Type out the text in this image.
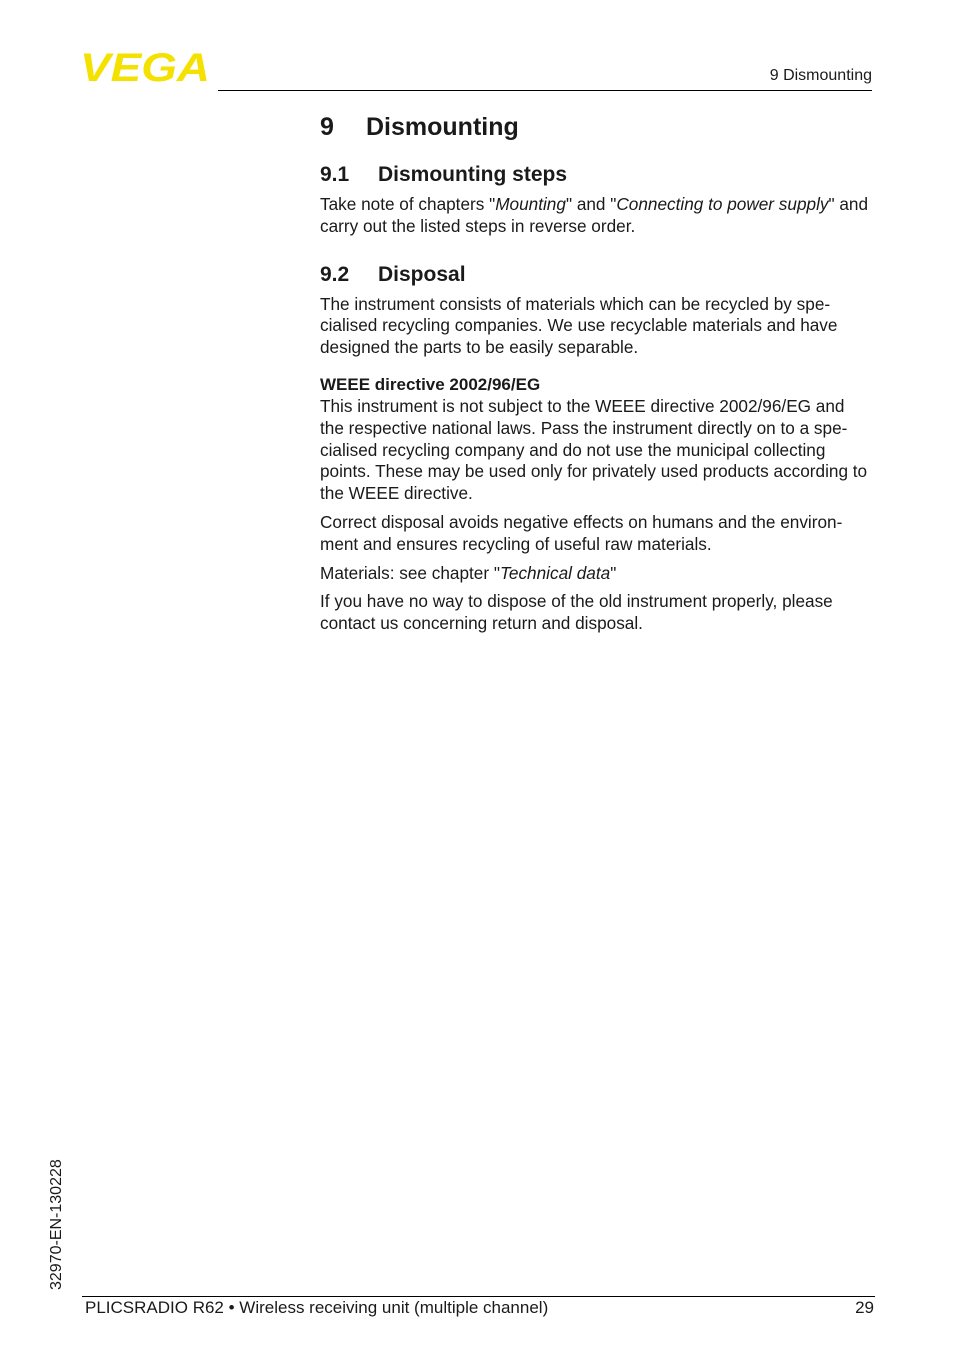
VEGA	9 Dismounting
9 Dismounting
9.1 Dismounting steps

Take note of chapters "Mounting" and "Connecting to power supply" and carry out the listed steps in reverse order.

9.2 Disposal

The instrument consists of materials which can be recycled by spe-cialised recycling companies. We use recyclable materials and have designed the parts to be easily separable.

WEEE directive 2002/96/EG

This instrument is not subject to the WEEE directive 2002/96/EG and the respective national laws. Pass the instrument directly on to a spe-cialised recycling company and do not use the municipal collecting points. These may be used only for privately used products according to the WEEE directive.

Correct disposal avoids negative effects on humans and the environ-ment and ensures recycling of useful raw materials.

Materials: see chapter "Technical data"

If you have no way to dispose of the old instrument properly, please contact us concerning return and disposal.

32970-EN-130228
PLICSRADIO R62 • Wireless receiving unit (multiple channel)	29
